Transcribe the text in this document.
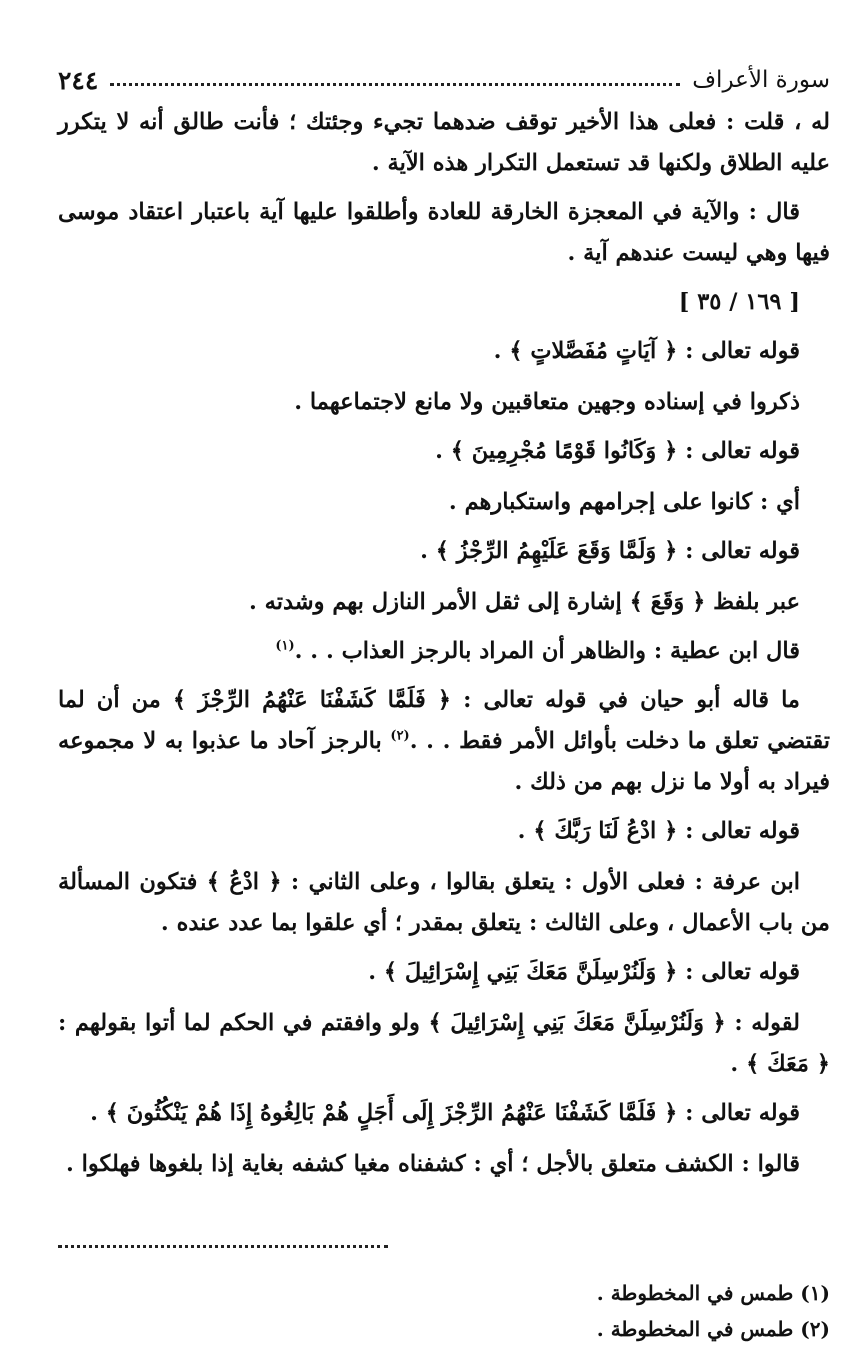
٢٤٤	سورة الأعراف

له ، قلت : فعلى هذا الأخير توقف ضدهما تجيء وجئتك ؛ فأنت طالق أنه لا يتكرر عليه الطلاق ولكنها قد تستعمل التكرار هذه الآية .

قال : والآية في المعجزة الخارقة للعادة وأطلقوا عليها آية باعتبار اعتقاد موسى فيها وهي ليست عندهم آية .

[ ١٦٩ / ٣٥ ]

قوله تعالى : ﴿ آيَاتٍ مُفَصَّلاتٍ ﴾ .

ذكروا في إسناده وجهين متعاقبين ولا مانع لاجتماعهما .

قوله تعالى : ﴿ وَكَانُوا قَوْمًا مُجْرِمِينَ ﴾ .

أي : كانوا على إجرامهم واستكبارهم .

قوله تعالى : ﴿ وَلَمَّا وَقَعَ عَلَيْهِمُ الرِّجْزُ ﴾ .

عبر بلفظ ﴿ وَقَعَ ﴾ إشارة إلى ثقل الأمر النازل بهم وشدته .

قال ابن عطية : والظاهر أن المراد بالرجز العذاب . . .$^{(١)}$

ما قاله أبو حيان في قوله تعالى : ﴿ فَلَمَّا كَشَفْنَا عَنْهُمُ الرِّجْزَ ﴾ من أن لما تقتضي تعلق ما دخلت بأوائل الأمر فقط . . .$^{(٢)}$ بالرجز آحاد ما عذبوا به لا مجموعه فيراد به أولا ما نزل بهم من ذلك .

قوله تعالى : ﴿ ادْعُ لَنَا رَبَّكَ ﴾ .

ابن عرفة : فعلى الأول : يتعلق بقالوا ، وعلى الثاني : ﴿ ادْعُ ﴾ فتكون المسألة من باب الأعمال ، وعلى الثالث : يتعلق بمقدر ؛ أي علقوا بما عدد عنده .

قوله تعالى : ﴿ وَلَنُرْسِلَنَّ مَعَكَ بَنِي إِسْرَائِيلَ ﴾ .

لقوله : ﴿ وَلَنُرْسِلَنَّ مَعَكَ بَنِي إِسْرَائِيلَ ﴾ ولو وافقتم في الحكم لما أتوا بقولهم : ﴿ مَعَكَ ﴾ .

قوله تعالى : ﴿ فَلَمَّا كَشَفْنَا عَنْهُمُ الرِّجْزَ إِلَى أَجَلٍ هُمْ بَالِغُوهُ إِذَا هُمْ يَنْكُثُونَ ﴾ .

قالوا : الكشف متعلق بالأجل ؛ أي : كشفناه مغيا كشفه بغاية إذا بلغوها فهلكوا .

(١) طمس في المخطوطة .
(٢) طمس في المخطوطة .
